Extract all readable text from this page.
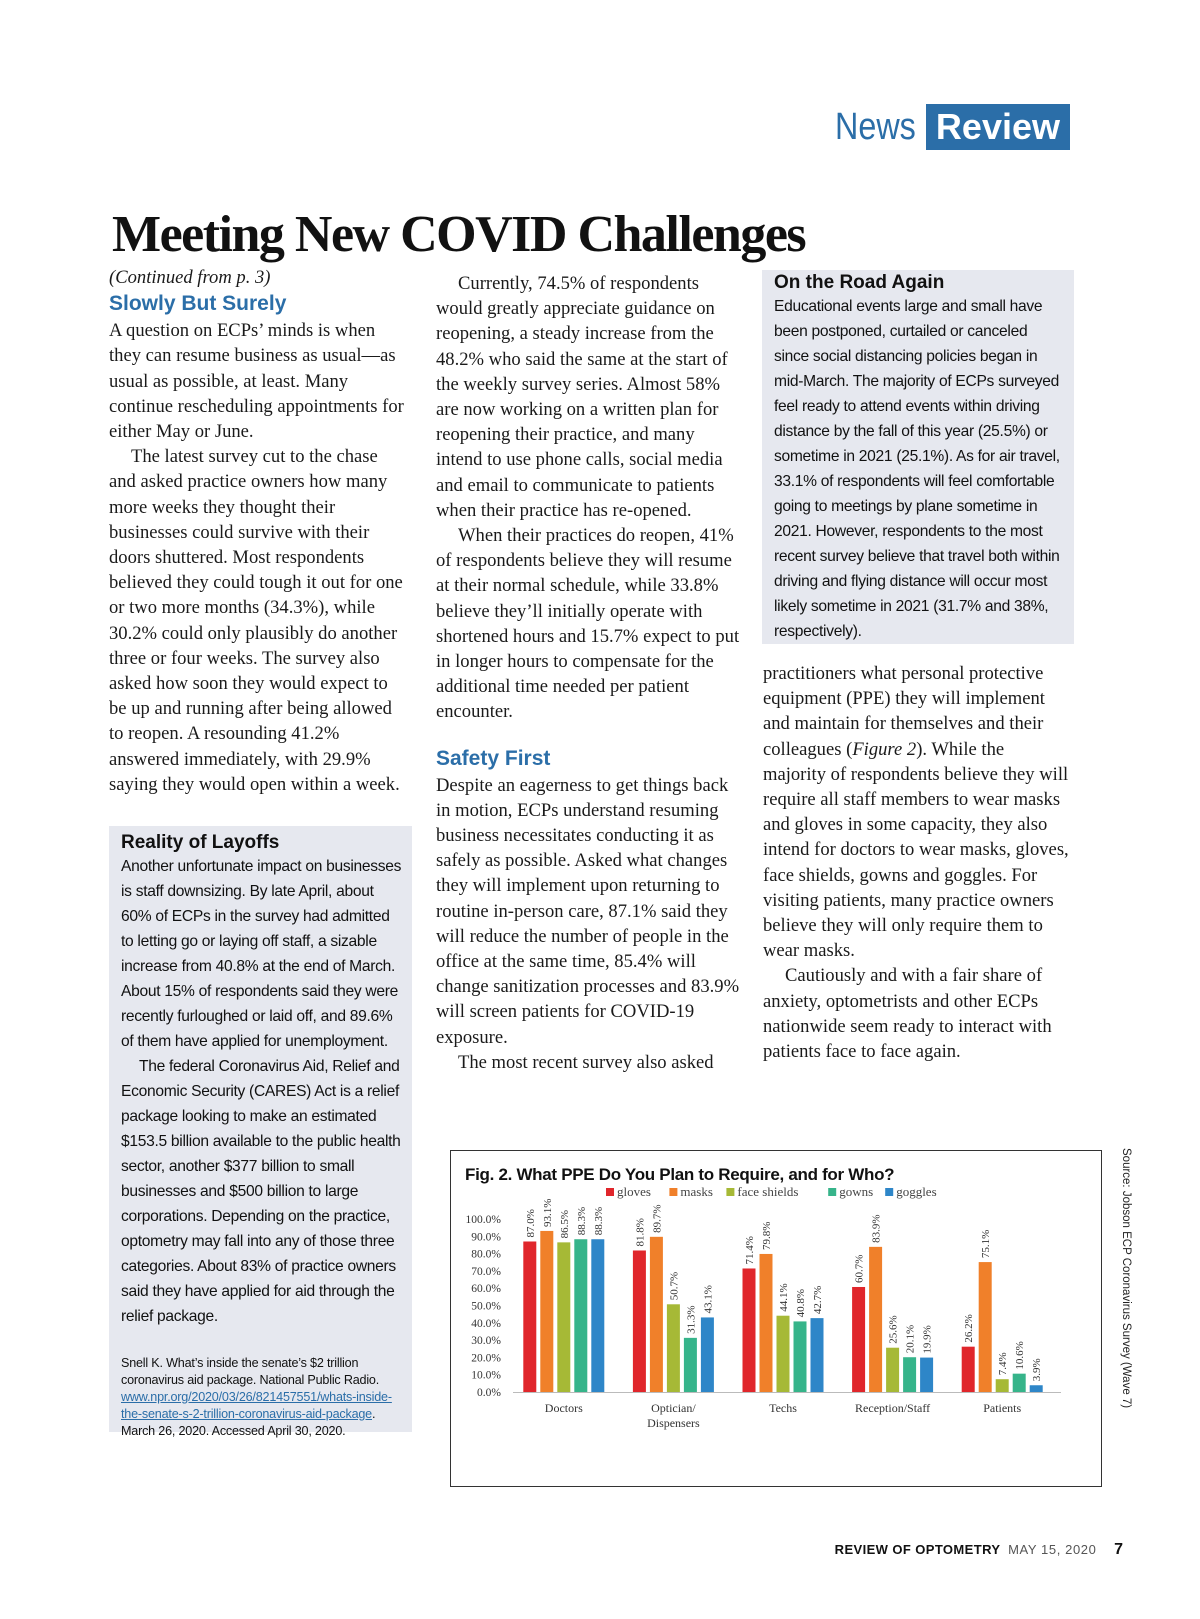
News Review
Meeting New COVID Challenges

(Continued from p. 3)

Slowly But Surely

A question on ECPs’ minds is when they can resume business as usual—as usual as possible, at least. Many continue rescheduling appointments for either May or June.

The latest survey cut to the chase and asked practice owners how many more weeks they thought their businesses could survive with their doors shuttered. Most respondents believed they could tough it out for one or two more months (34.3%), while 30.2% could only plausibly do another three or four weeks. The survey also asked how soon they would expect to be up and running after being allowed to reopen. A resounding 41.2% answered immediately, with 29.9% saying they would open within a week.

Reality of Layoffs

Another unfortunate impact on businesses is staff downsizing. By late April, about 60% of ECPs in the survey had admitted to letting go or laying off staff, a sizable increase from 40.8% at the end of March. About 15% of respondents said they were recently furloughed or laid off, and 89.6% of them have applied for unemployment.

The federal Coronavirus Aid, Relief and Economic Security (CARES) Act is a relief package looking to make an estimated $153.5 billion available to the public health sector, another $377 billion to small businesses and $500 billion to large corporations. Depending on the practice, optometry may fall into any of those three categories. About 83% of practice owners said they have applied for aid through the relief package.

Snell K. What’s inside the senate’s $2 trillion coronavirus aid package. National Public Radio. www.npr.org/2020/03/26/821457551/whats-inside-the-senate-s-2-trillion-coronavirus-aid-package. March 26, 2020. Accessed April 30, 2020.

Currently, 74.5% of respondents would greatly appreciate guidance on reopening, a steady increase from the 48.2% who said the same at the start of the weekly survey series. Almost 58% are now working on a written plan for reopening their practice, and many intend to use phone calls, social media and email to communicate to patients when their practice has re-opened.

When their practices do reopen, 41% of respondents believe they will resume at their normal schedule, while 33.8% believe they’ll initially operate with shortened hours and 15.7% expect to put in longer hours to compensate for the additional time needed per patient encounter.

Safety First

Despite an eagerness to get things back in motion, ECPs understand resuming business necessitates conducting it as safely as possible. Asked what changes they will implement upon returning to routine in-person care, 87.1% said they will reduce the number of people in the office at the same time, 85.4% will change sanitization processes and 83.9% will screen patients for COVID-19 exposure.

The most recent survey also asked

On the Road Again

Educational events large and small have been postponed, curtailed or canceled since social distancing policies began in mid-March. The majority of ECPs surveyed feel ready to attend events within driving distance by the fall of this year (25.5%) or sometime in 2021 (25.1%). As for air travel, 33.1% of respondents will feel comfortable going to meetings by plane sometime in 2021. However, respondents to the most recent survey believe that travel both within driving and flying distance will occur most likely sometime in 2021 (31.7% and 38%, respectively).

practitioners what personal protective equipment (PPE) they will implement and maintain for themselves and their colleagues (Figure 2). While the majority of respondents believe they will require all staff members to wear masks and gloves in some capacity, they also intend for doctors to wear masks, gloves, face shields, gowns and goggles. For visiting patients, many practice owners believe they will only require them to wear masks.

Cautiously and with a fair share of anxiety, optometrists and other ECPs nationwide seem ready to interact with patients face to face again.

Fig. 2. What PPE Do You Plan to Require, and for Who?
0.0%
10.0%
20.0%
30.0%
40.0%
50.0%
60.0%
70.0%
80.0%
90.0%
100.0%
gloves masks face shields	gowns goggles
87.0% 93.1% 86.5% 88.3% 88.3%
Doctors
81.8% 89.7%
50.7%
31.3%
43.1%
Optician/ Dispensers
71.4%
79.8%
44.1% 40.8% 42.7%
Techs
60.7%
83.9%
25.6% 20.1% 19.9%
Reception/Staff
26.2%
75.1%
7.4% 10.6%
3.9%
Patients	Source: Jobson ECP Coronavirus Survey (Wave 7)
REVIEW OF OPTOMETRY MAY 15, 2020 7
